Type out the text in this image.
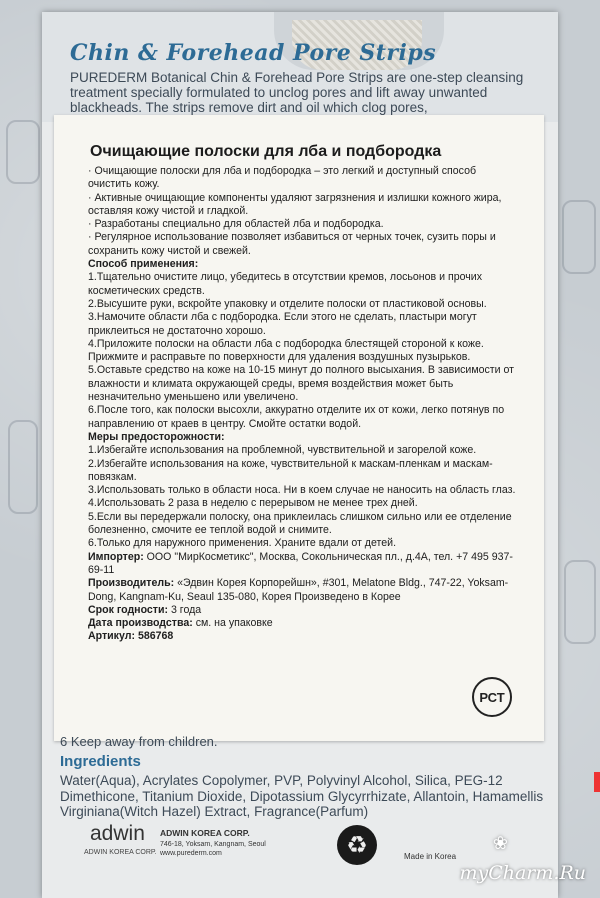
Chin & Forehead Pore Strips
PUREDERM Botanical Chin & Forehead Pore Strips are one-step cleansing treatment specially formulated to unclog pores and lift away unwanted blackheads. The strips remove dirt and oil which clog pores,
Очищающие полоски для лба и подбородка

· Очищающие полоски для лба и подбородка – это легкий и доступный способ очистить кожу.

· Активные очищающие компоненты удаляют загрязнения и излишки кожного жира, оставляя кожу чистой и гладкой.

· Разработаны специально для областей лба и подбородка.

· Регулярное использование позволяет избавиться от черных точек, сузить поры и сохранить кожу чистой и свежей.

Способ применения:

1.Тщательно очистите лицо, убедитесь в отсутствии кремов, лосьонов и прочих косметических средств.

2.Высушите руки, вскройте упаковку и отделите полоски от пластиковой основы.

3.Намочите области лба с подбородка. Если этого не сделать, пластыри могут приклеиться не достаточно хорошо.

4.Приложите полоски на области лба с подбородка блестящей стороной к коже. Прижмите и расправьте по поверхности для удаления воздушных пузырьков.

5.Оставьте средство на коже на 10-15 минут до полного высыхания. В зависимости от влажности и климата окружающей среды, время воздействия может быть незначительно уменьшено или увеличено.

6.После того, как полоски высохли, аккуратно отделите их от кожи, легко потянув по направлению от краев в центру. Смойте остатки водой.

Меры предосторожности:

1.Избегайте использования на проблемной, чувствительной и загорелой коже.

2.Избегайте использования на коже, чувствительной к маскам-пленкам и маскам-повязкам.

3.Использовать только в области носа. Ни в коем случае не наносить на область глаз.

4.Использовать 2 раза в неделю с перерывом не менее трех дней.

5.Если вы передержали полоску, она приклеилась слишком сильно или ее отделение болезненно, смочите ее теплой водой и снимите.

6.Только для наружного применения. Храните вдали от детей.

Импортер: ООО "МирКосметикс", Москва, Сокольническая пл., д.4А, тел. +7 495 937-69-11

Производитель: «Эдвин Корея Корпорейшн», #301, Melatone Bldg., 747-22, Yoksam-Dong, Kangnam-Ku, Seaul 135-080, Корея Произведено в Корее

Срок годности: 3 года

Дата производства: см. на упаковке

Артикул: 586768

РСТ
6 Keep away from children.
Ingredients
Water(Aqua), Acrylates Copolymer, PVP, Polyvinyl Alcohol, Silica, PEG-12 Dimethicone, Titanium Dioxide, Dipotassium Glycyrrhizate, Allantoin, Hamamellis Virginiana(Witch Hazel) Extract, Fragrance(Parfum)
adwin
ADWIN KOREA CORP.
ADWIN KOREA CORP.
746-18, Yoksam, Kangnam, Seoul www.purederm.com	♻	Made in Korea
❀
myCharm.Ru
